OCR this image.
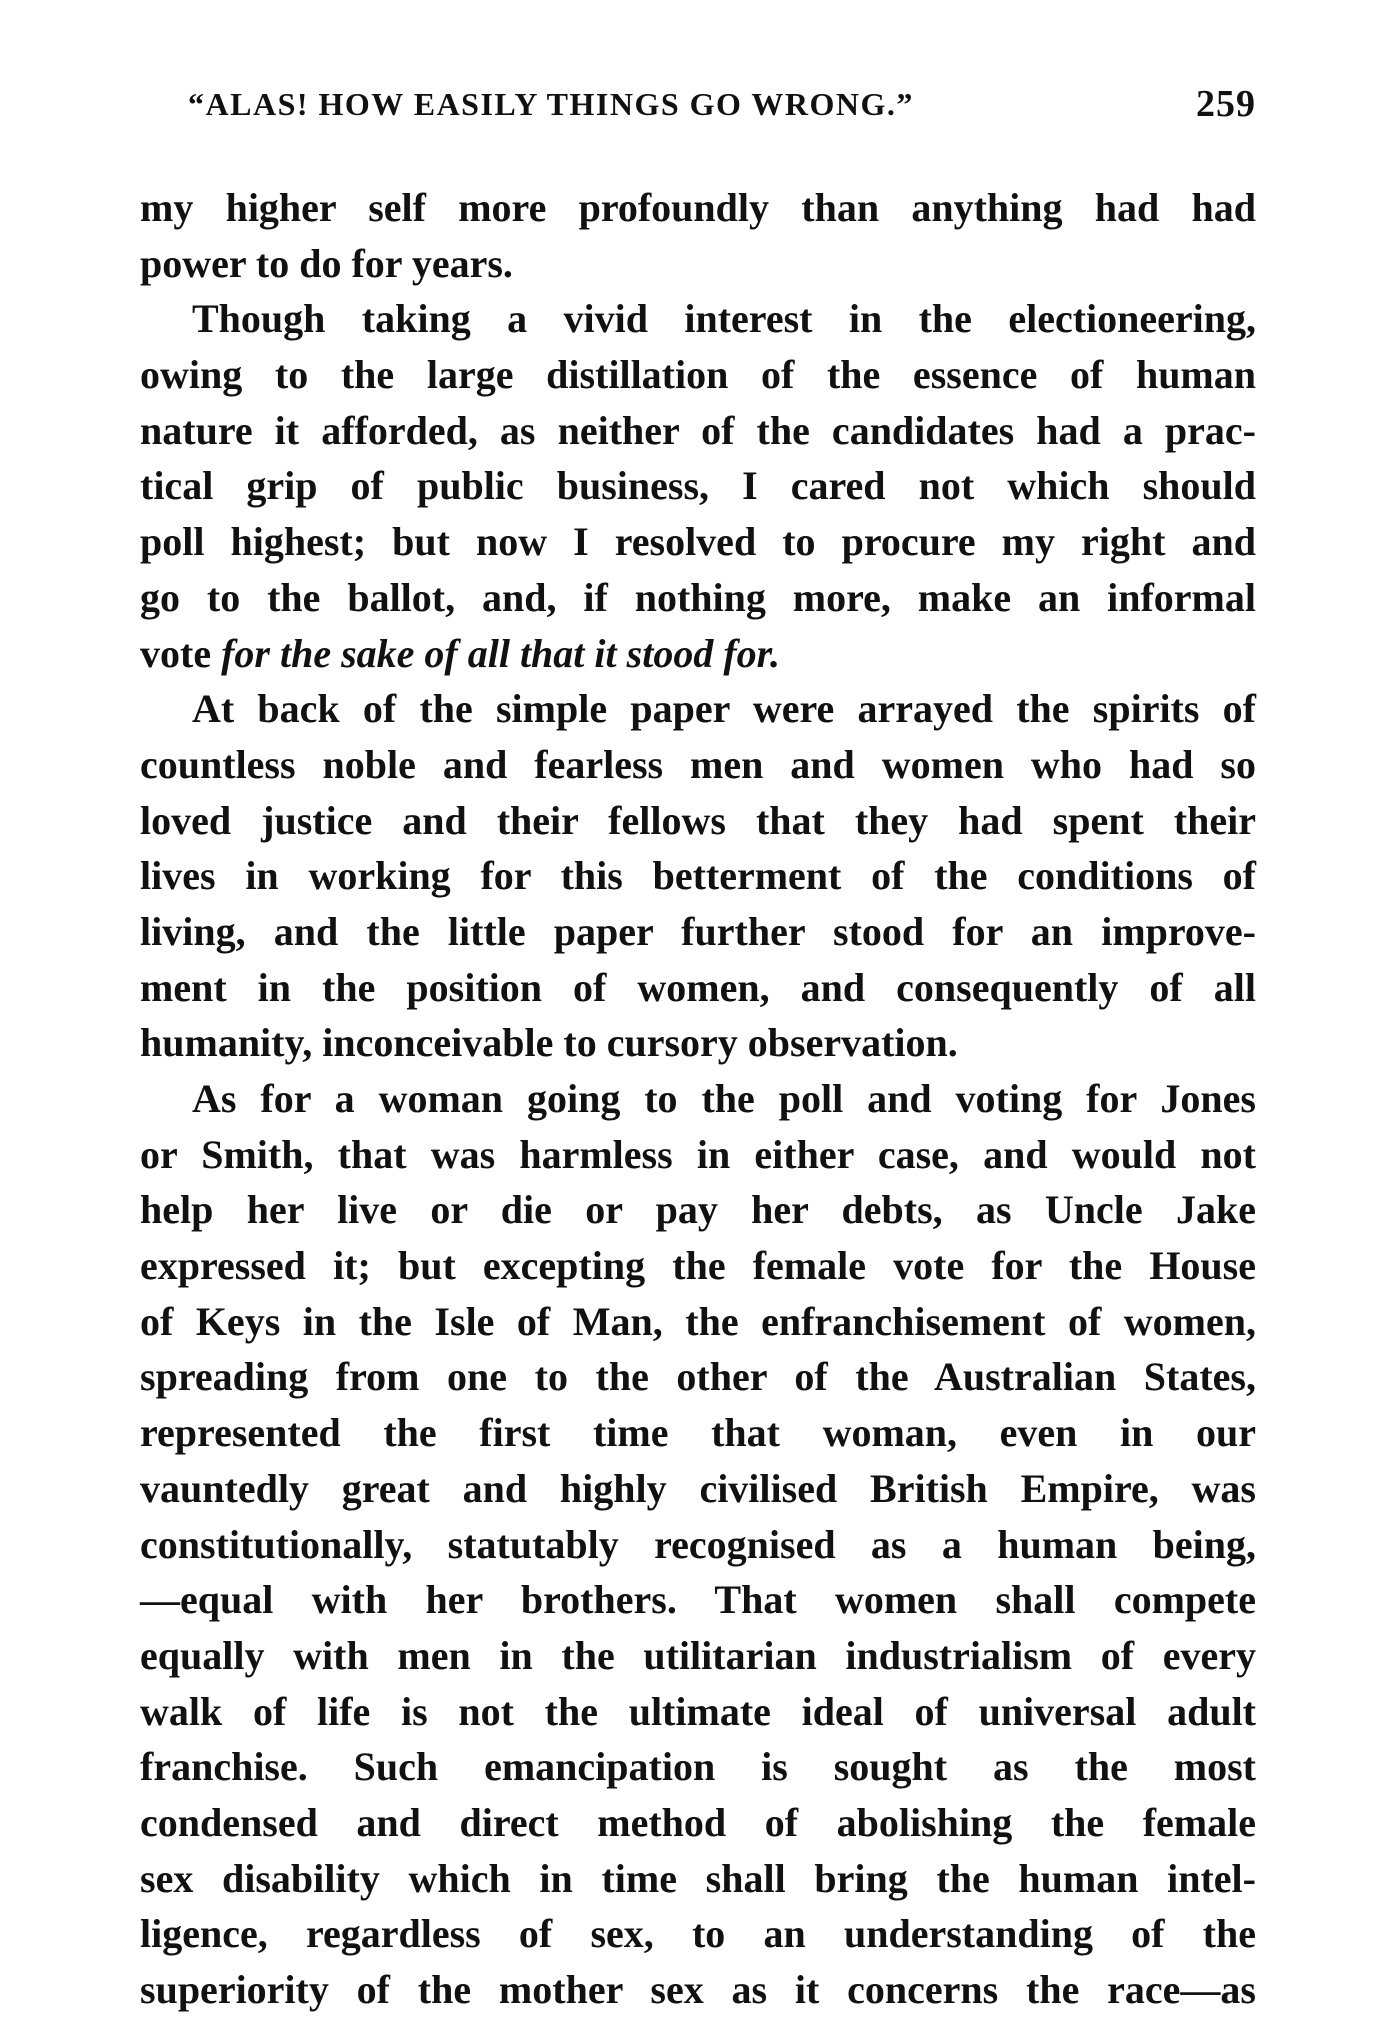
“ALAS! HOW EASILY THINGS GO WRONG.”	259
my higher self more profoundly than anything had had
power to do for years.
Though taking a vivid interest in the electioneering,
owing to the large distillation of the essence of human
nature it afforded, as neither of the candidates had a prac-
tical grip of public business, I cared not which should
poll highest; but now I resolved to procure my right and
go to the ballot, and, if nothing more, make an informal
vote for the sake of all that it stood for.
At back of the simple paper were arrayed the spirits of
countless noble and fearless men and women who had so
loved justice and their fellows that they had spent their
lives in working for this betterment of the conditions of
living, and the little paper further stood for an improve-
ment in the position of women, and consequently of all
humanity, inconceivable to cursory observation.
As for a woman going to the poll and voting for Jones
or Smith, that was harmless in either case, and would not
help her live or die or pay her debts, as Uncle Jake
expressed it; but excepting the female vote for the House
of Keys in the Isle of Man, the enfranchisement of women,
spreading from one to the other of the Australian States,
represented the first time that woman, even in our
vauntedly great and highly civilised British Empire, was
constitutionally, statutably recognised as a human being,
—equal with her brothers. That women shall compete
equally with men in the utilitarian industrialism of every
walk of life is not the ultimate ideal of universal adult
franchise. Such emancipation is sought as the most
condensed and direct method of abolishing the female
sex disability which in time shall bring the human intel-
ligence, regardless of sex, to an understanding of the
superiority of the mother sex as it concerns the race—as
